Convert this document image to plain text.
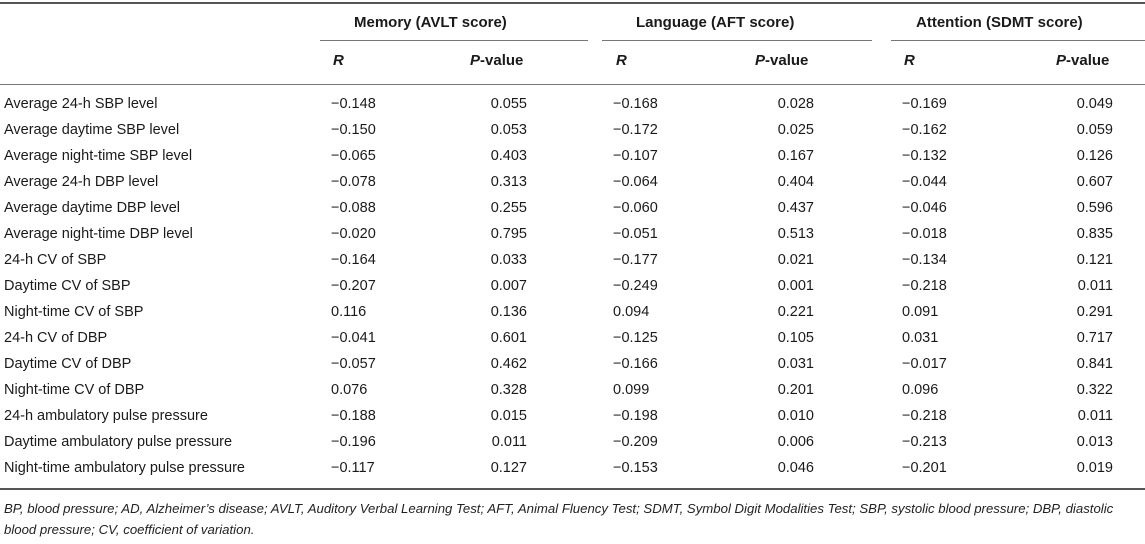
Memory (AVLT score)	Language (AFT score)	Attention (SDMT score)
R	P-value	R	P-value	R	P-value
Average 24-h SBP level	−0.148	0.055	−0.168	0.028	−0.169	0.049
Average daytime SBP level	−0.150	0.053	−0.172	0.025	−0.162	0.059
Average night-time SBP level	−0.065	0.403	−0.107	0.167	−0.132	0.126
Average 24-h DBP level	−0.078	0.313	−0.064	0.404	−0.044	0.607
Average daytime DBP level	−0.088	0.255	−0.060	0.437	−0.046	0.596
Average night-time DBP level	−0.020	0.795	−0.051	0.513	−0.018	0.835
24-h CV of SBP	−0.164	0.033	−0.177	0.021	−0.134	0.121
Daytime CV of SBP	−0.207	0.007	−0.249	0.001	−0.218	0.011
Night-time CV of SBP	0.116	0.136	0.094	0.221	0.091	0.291
24-h CV of DBP	−0.041	0.601	−0.125	0.105	0.031	0.717
Daytime CV of DBP	−0.057	0.462	−0.166	0.031	−0.017	0.841
Night-time CV of DBP	0.076	0.328	0.099	0.201	0.096	0.322
24-h ambulatory pulse pressure	−0.188	0.015	−0.198	0.010	−0.218	0.011
Daytime ambulatory pulse pressure	−0.196	0.011	−0.209	0.006	−0.213	0.013
Night-time ambulatory pulse pressure	−0.117	0.127	−0.153	0.046	−0.201	0.019
BP, blood pressure; AD, Alzheimer’s disease; AVLT, Auditory Verbal Learning Test; AFT, Animal Fluency Test; SDMT, Symbol Digit Modalities Test; SBP, systolic blood pressure; DBP, diastolic blood pressure; CV, coefficient of variation.
